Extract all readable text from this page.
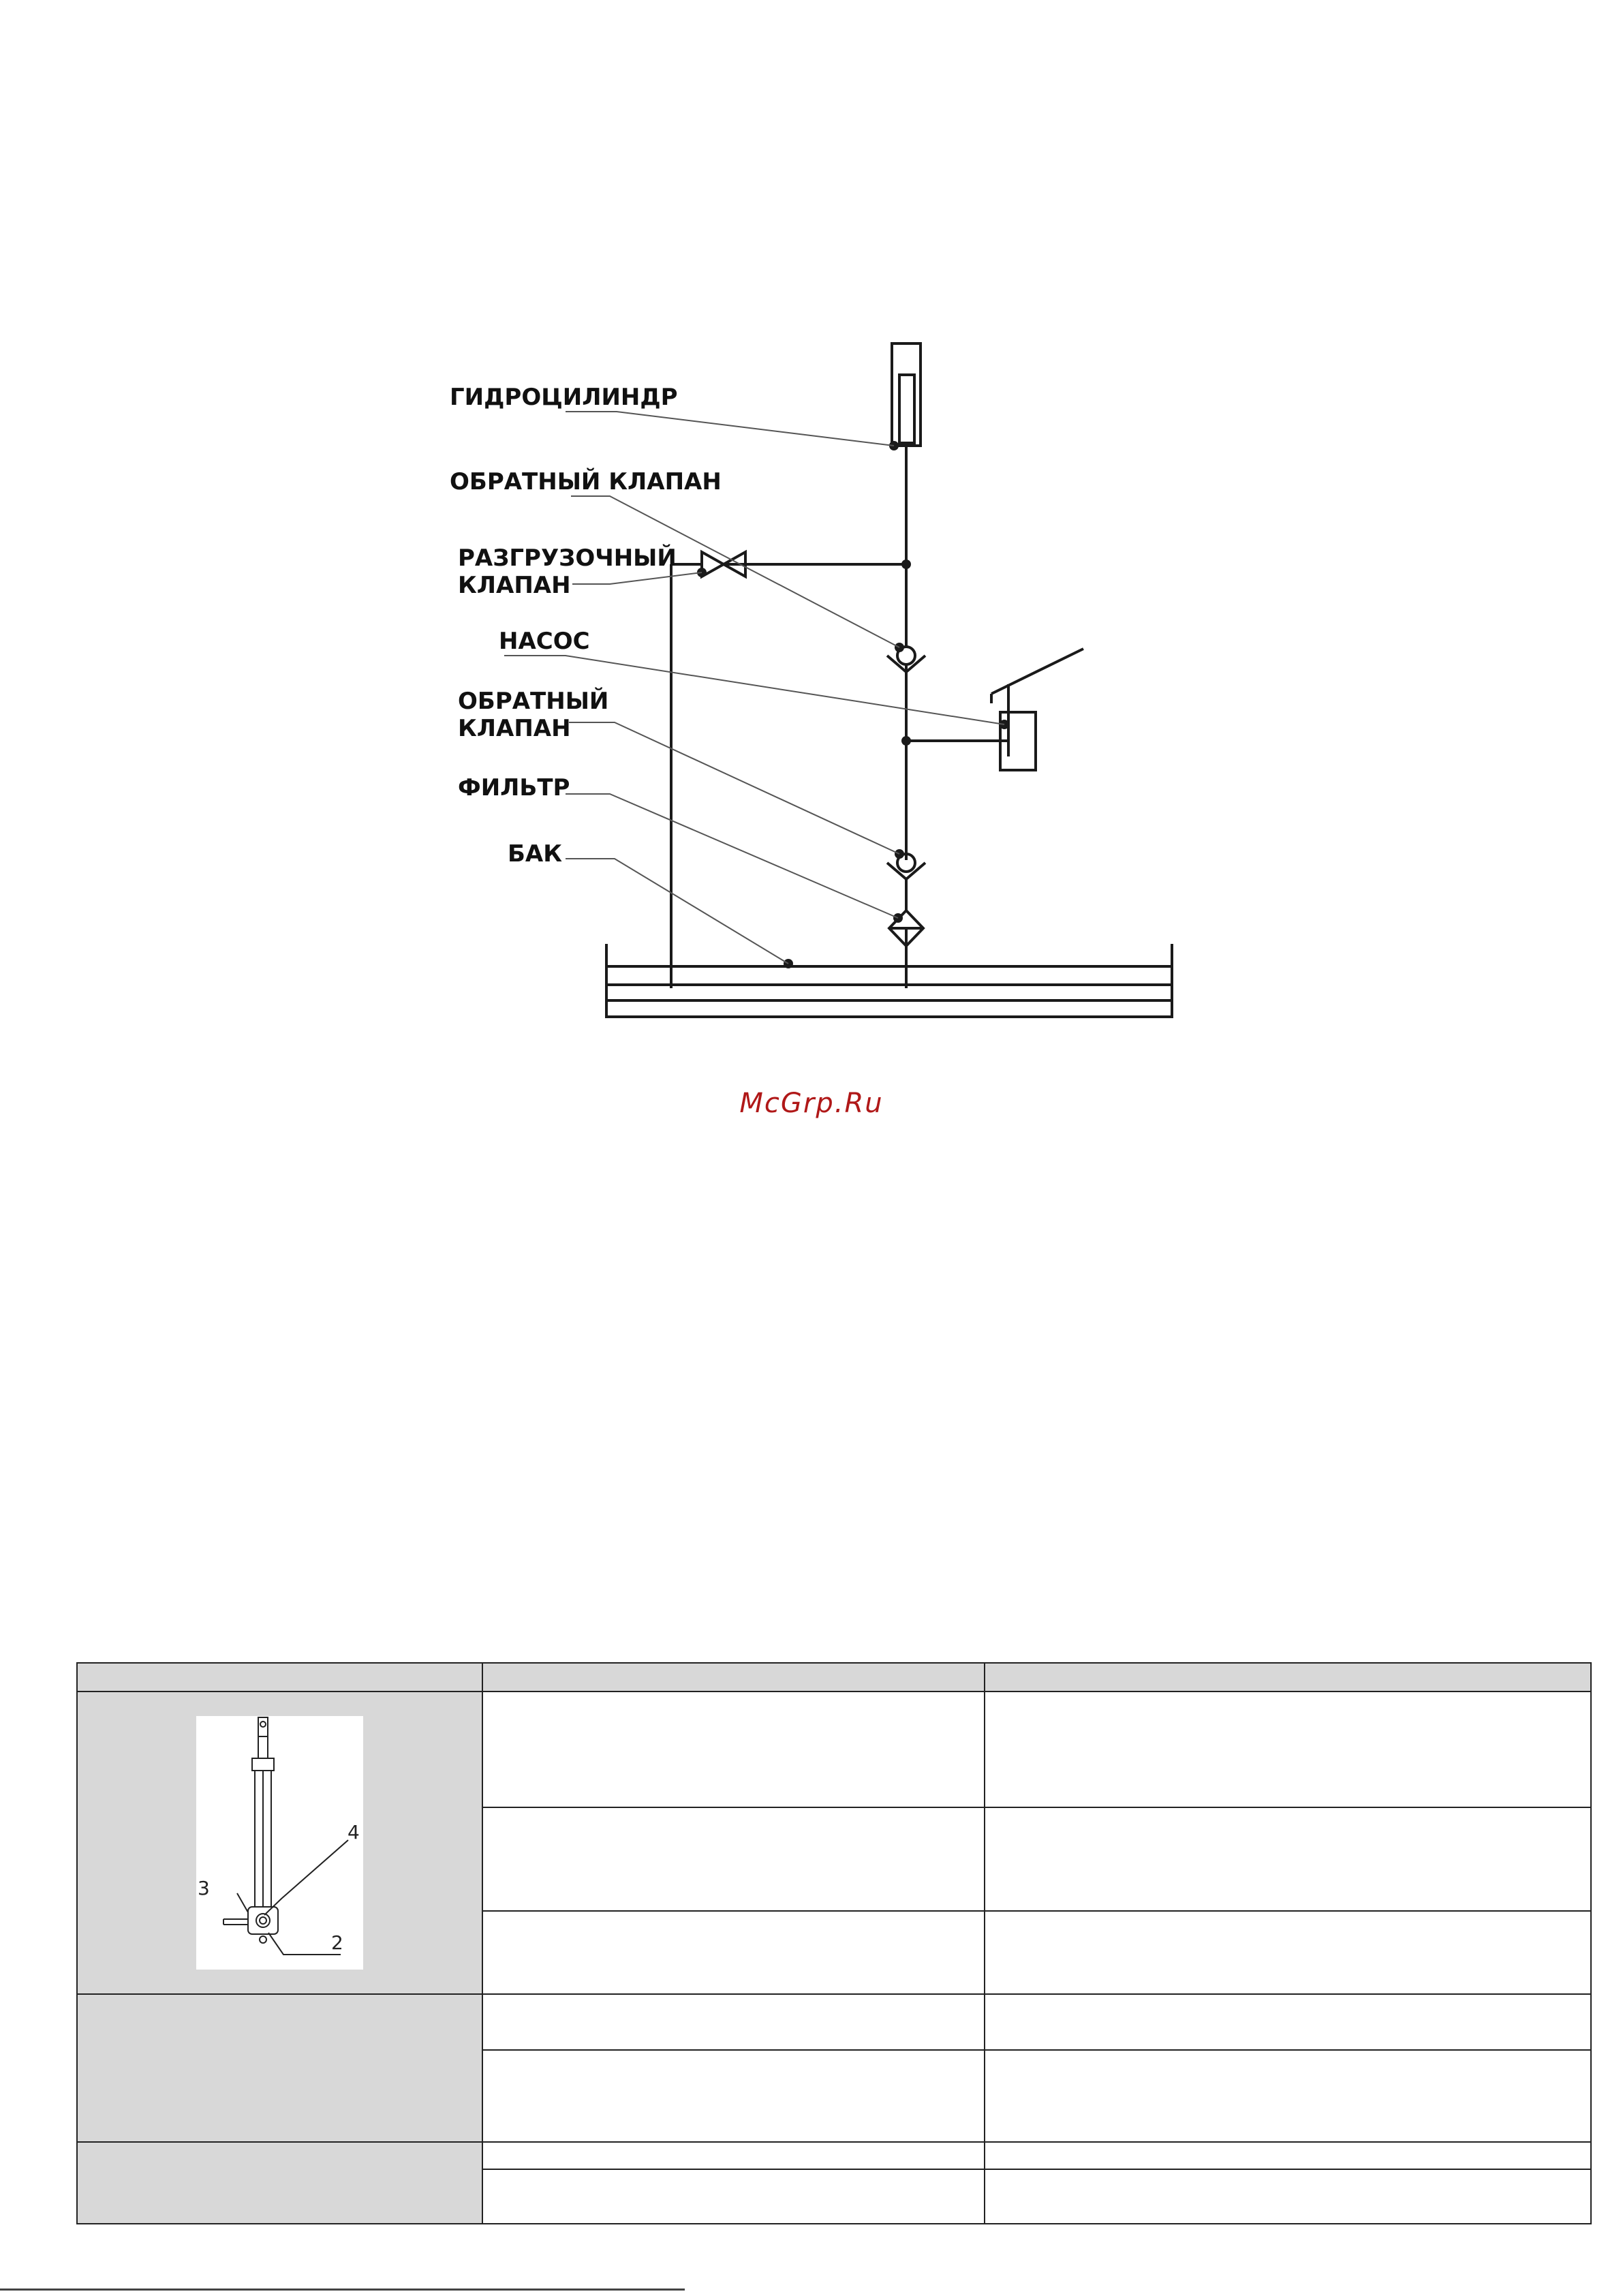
ГИДРОЦИЛИНДР
ОБРАТНЫЙ КЛАПАН
РАЗГРУЗОЧНЫЙ
КЛАПАН
НАСОС
ОБРАТНЫЙ
КЛАПАН
ФИЛЬТР
БАК
McGrp.Ru

4
3
2		
